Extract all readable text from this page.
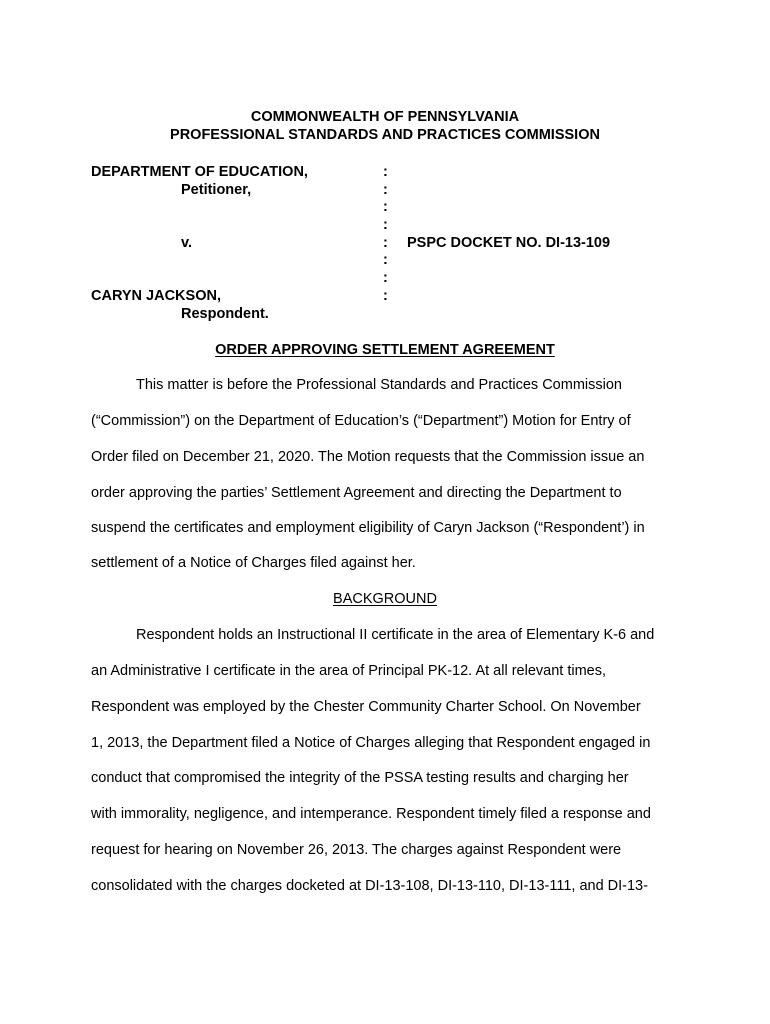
COMMONWEALTH OF PENNSYLVANIA
PROFESSIONAL STANDARDS AND PRACTICES COMMISSION
DEPARTMENT OF EDUCATION,
Petitioner,
v.
CARYN JACKSON,
Respondent.
:
:
:
:
:
:
:
:
PSPC DOCKET NO. DI-13-109
ORDER APPROVING SETTLEMENT AGREEMENT
This matter is before the Professional Standards and Practices Commission
(“Commission”) on the Department of Education’s (“Department”) Motion for Entry of
Order filed on December 21, 2020. The Motion requests that the Commission issue an
order approving the parties’ Settlement Agreement and directing the Department to
suspend the certificates and employment eligibility of Caryn Jackson (“Respondent’) in
settlement of a Notice of Charges filed against her.
BACKGROUND
Respondent holds an Instructional II certificate in the area of Elementary K-6 and
an Administrative I certificate in the area of Principal PK-12. At all relevant times,
Respondent was employed by the Chester Community Charter School. On November
1, 2013, the Department filed a Notice of Charges alleging that Respondent engaged in
conduct that compromised the integrity of the PSSA testing results and charging her
with immorality, negligence, and intemperance. Respondent timely filed a response and
request for hearing on November 26, 2013. The charges against Respondent were
consolidated with the charges docketed at DI-13-108, DI-13-110, DI-13-111, and DI-13-
